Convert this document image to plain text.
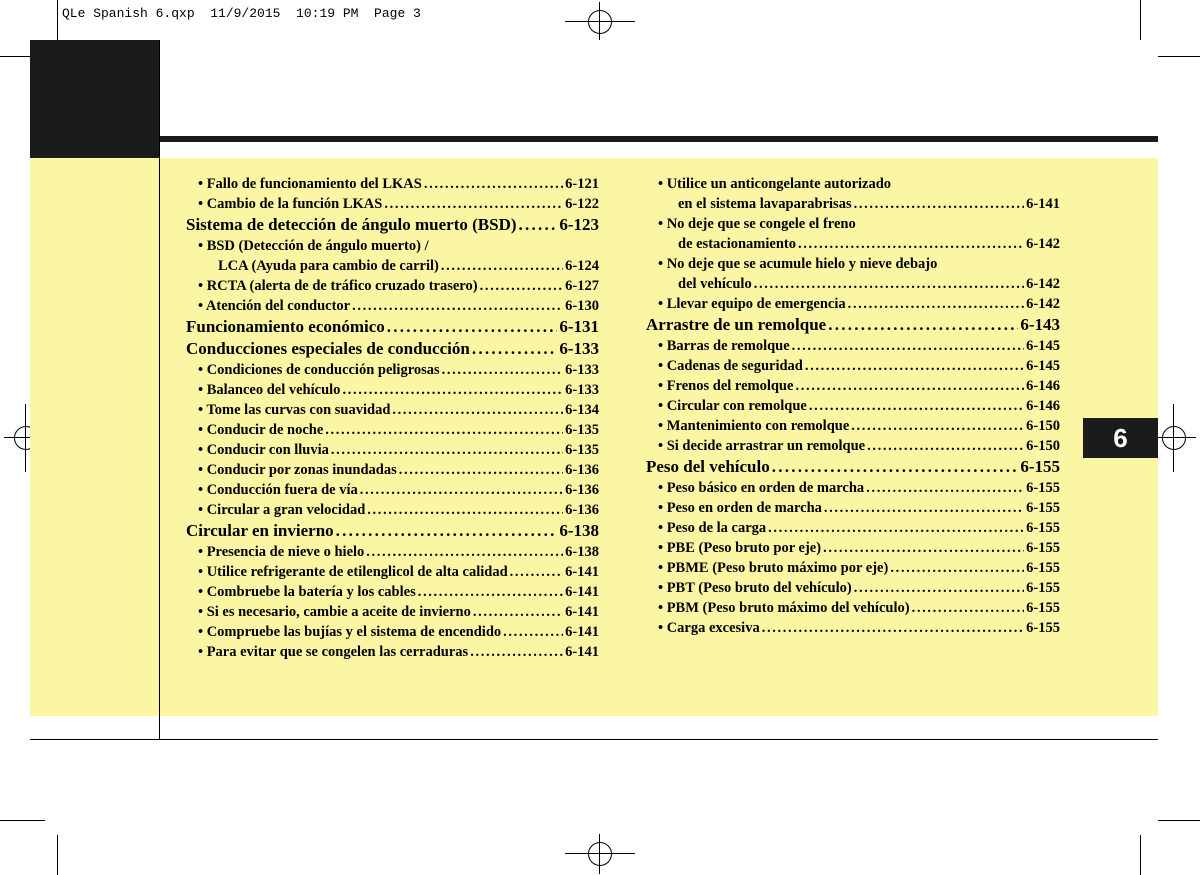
QLe Spanish 6.qxp  11/9/2015  10:19 PM  Page 3
6
• Fallo de funcionamiento del LKAS . . .	6-121
• Cambio de la función LKAS . . .	6-122
Sistema de detección de ángulo muerto (BSD) . . .	6-123
• BSD (Detección de ángulo muerto) /
LCA (Ayuda para cambio de carril) . . .	6-124
• RCTA (alerta de de tráfico cruzado trasero) . . .	6-127
• Atención del conductor . . .	6-130
Funcionamiento económico . . .	6-131
Conducciones especiales de conducción . . .	6-133
• Condiciones de conducción peligrosas . . .	6-133
• Balanceo del vehículo . . .	6-133
• Tome las curvas con suavidad . . .	6-134
• Conducir de noche . . .	6-135
• Conducir con lluvia . . .	6-135
• Conducir por zonas inundadas . . .	6-136
• Conducción fuera de vía . . .	6-136
• Circular a gran velocidad . . .	6-136
Circular en invierno . . .	6-138
• Presencia de nieve o hielo . . .	6-138
• Utilice refrigerante de etilenglicol de alta calidad . . .	6-141
• Combruebe la batería y los cables . . .	6-141
• Si es necesario, cambie a aceite de invierno . . .	6-141
• Compruebe las bujías y el sistema de encendido . . .	6-141
• Para evitar que se congelen las cerraduras . . .	6-141
• Utilice un anticongelante autorizado
en el sistema lavaparabrisas . . .	6-141
• No deje que se congele el freno
de estacionamiento . . .	6-142
• No deje que se acumule hielo y nieve debajo
del vehículo . . .	6-142
• Llevar equipo de emergencia . . .	6-142
Arrastre de un remolque . . .	6-143
• Barras de remolque . . .	6-145
• Cadenas de seguridad . . .	6-145
• Frenos del remolque . . .	6-146
• Circular con remolque . . .	6-146
• Mantenimiento con remolque . . .	6-150
• Si decide arrastrar un remolque . . .	6-150
Peso del vehículo . . .	6-155
• Peso básico en orden de marcha . . .	6-155
• Peso en orden de marcha . . .	6-155
• Peso de la carga . . .	6-155
• PBE (Peso bruto por eje) . . .	6-155
• PBME (Peso bruto máximo por eje) . . .	6-155
• PBT (Peso bruto del vehículo) . . .	6-155
• PBM (Peso bruto máximo del vehículo) . . .	6-155
• Carga excesiva . . .	6-155
